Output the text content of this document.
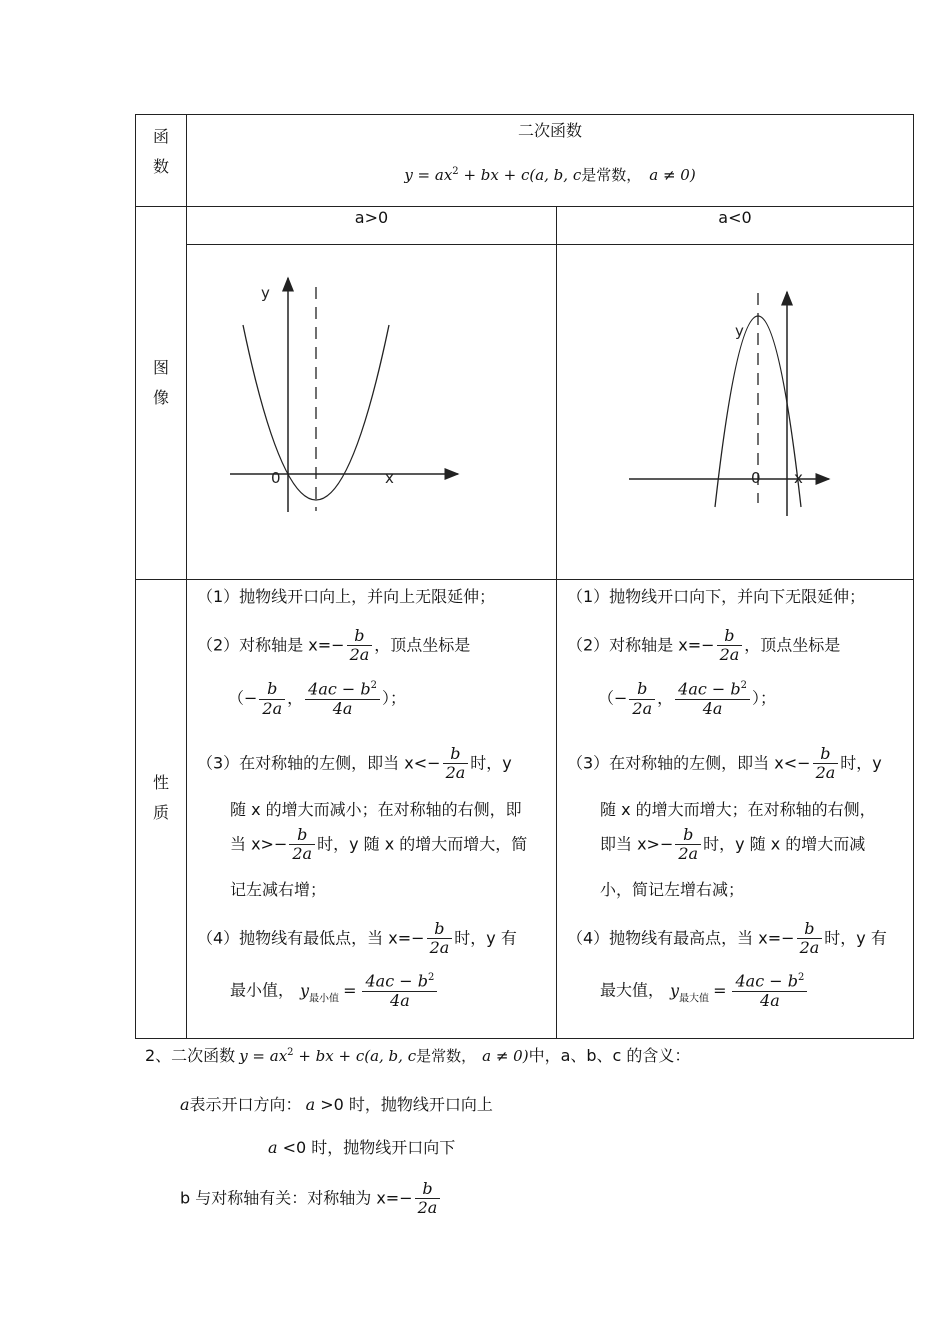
函
数
图
像
性
质
二次函数
$y = ax^2$ + bx + c(a, b, c是常数， a ≠ 0)
a>0	a<0
y
0	x
y
0 x
（1）抛物线开口向上，并向上无限延伸；
（2）对称轴是 $x=- \frac{b}{2a}$ ，顶点坐标是
（− $\frac{b}{2a}$ ， $\frac{4ac - b^2}{4a}$ ）；
（3）在对称轴的左侧，即当 $x<- \frac{b}{2a}$ 时，y
随 x 的增大而减小；在对称轴的右侧，即
当 $x>- \frac{b}{2a}$ 时，y 随 x 的增大而增大，简
记左减右增；
（4）抛物线有最低点，当 $x=- \frac{b}{2a}$ 时，y 有
最小值， $y_{最小值} = \frac{4ac - b^2}{4a}$
（1）抛物线开口向下，并向下无限延伸；
（2）对称轴是 $x=- \frac{b}{2a}$ ，顶点坐标是
（− $\frac{b}{2a}$ ， $\frac{4ac - b^2}{4a}$ ）；
（3）在对称轴的左侧，即当 $x<- \frac{b}{2a}$ 时，y
随 x 的增大而增大；在对称轴的右侧，
即当 $x>- \frac{b}{2a}$ 时，y 随 x 的增大而减
小，简记左增右减；
（4）抛物线有最高点，当 $x=- \frac{b}{2a}$ 时，y 有
最大值， $y_{最大值} = \frac{4ac - b^2}{4a}$
2、二次函数 $y = ax^2$ + bx + c(a, b, c是常数， a ≠ 0)中，a、b、c 的含义：
a表示开口方向： a >0 时，抛物线开口向上
a <0 时，抛物线开口向下
b 与对称轴有关：对称轴为 $x=- \frac{b}{2a}$
